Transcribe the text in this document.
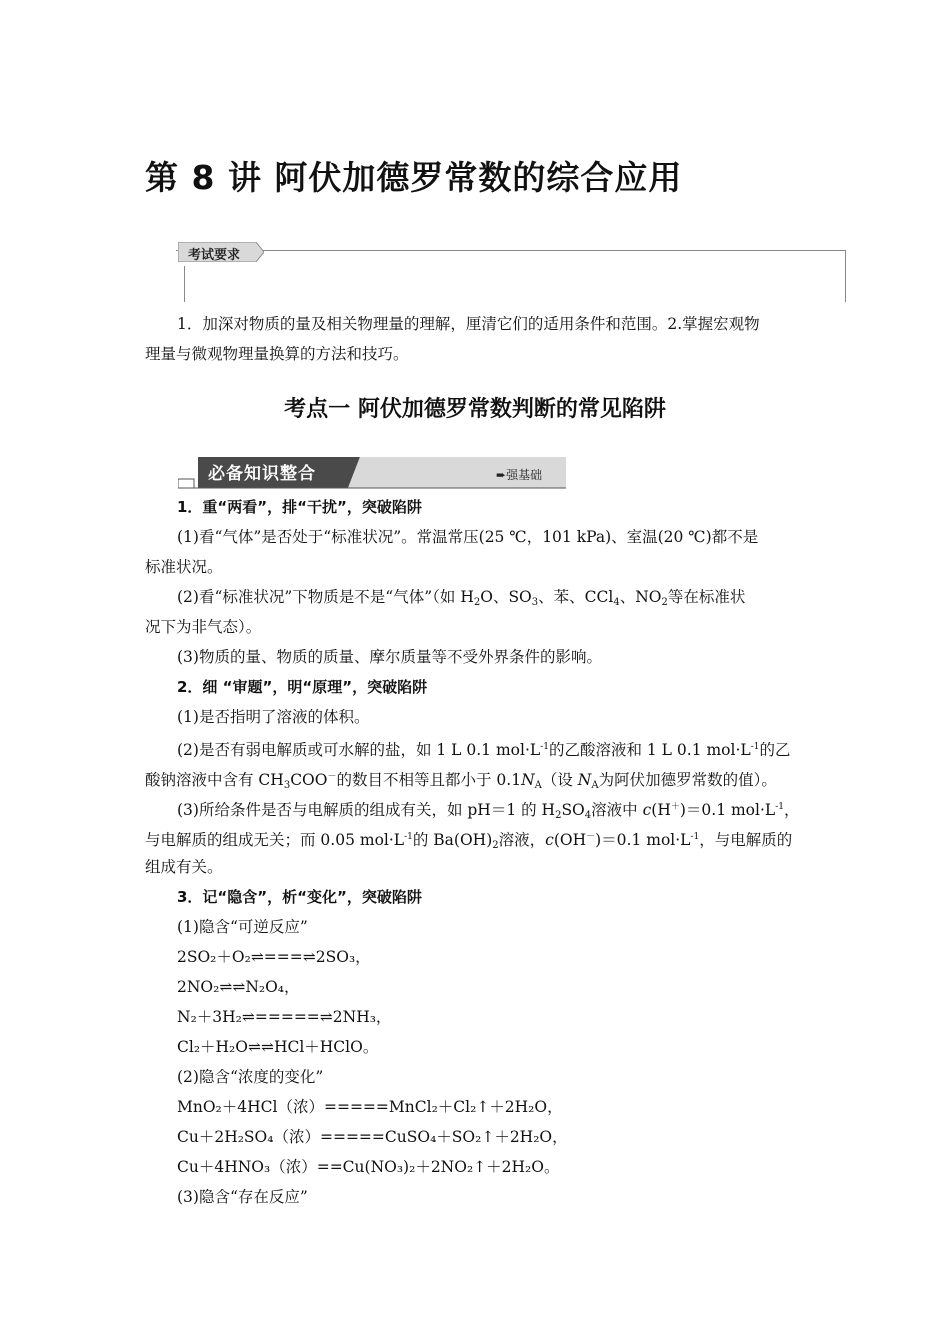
第 8 讲 阿伏加德罗常数的综合应用
考试要求
1．加深对物质的量及相关物理量的理解，厘清它们的适用条件和范围。2.掌握宏观物
理量与微观物理量换算的方法和技巧。
考点一 阿伏加德罗常数判断的常见陷阱
必备知识整合	➨强基础
1．重“两看”，排“干扰”，突破陷阱
(1)看“气体”是否处于“标准状况”。常温常压(25 ℃，101 kPa)、室温(20 ℃)都不是
标准状况。
(2)看“标准状况”下物质是不是“气体”（如 $H_2O$、$SO_3$、苯、CCl$_4$、$NO_2$等在标准状
况下为非气态）。
(3)物质的量、物质的质量、摩尔质量等不受外界条件的影响。
2．细 “审题”，明“原理”，突破陷阱
(1)是否指明了溶液的体积。
(2)是否有弱电解质或可水解的盐，如 1 L 0.1 $mol\cdot L^{-1}$的乙酸溶液和 1 L 0.1 $mol\cdot L^{-1}$的乙
酸钠溶液中含有 $CH_3COO^-$的数目不相等且都小于 $0.1N_A$（设 $N_A$为阿伏加德罗常数的值）。
(3)所给条件是否与电解质的组成有关，如 pH＝1 的 $H_2SO_4$溶液中 c(H＋)＝0.1 $mol\cdot L^{-1}$，
与电解质的组成无关；而 0.05 $mol\cdot L^{-1}$的 $Ba(OH)_2$溶液，c(OH－)＝0.1 $mol\cdot L^{-1}$，与电解质的
组成有关。
3．记“隐含”，析“变化”，突破陷阱
(1)隐含“可逆反应”
2SO₂＋O₂⇌===⇌2SO₃，
2NO₂⇌⇌N₂O₄，
N₂＋3H₂⇌=====⇌2NH₃，
Cl₂＋H₂O⇌⇌HCl＋HClO。
(2)隐含“浓度的变化”
MnO₂＋4HCl（浓）=====MnCl₂＋Cl₂↑＋2H₂O，
Cu＋2H₂SO₄（浓）=====CuSO₄＋SO₂↑＋2H₂O，
Cu＋4HNO₃（浓）==Cu(NO₃)₂＋2NO₂↑＋2H₂O。
(3)隐含“存在反应”
